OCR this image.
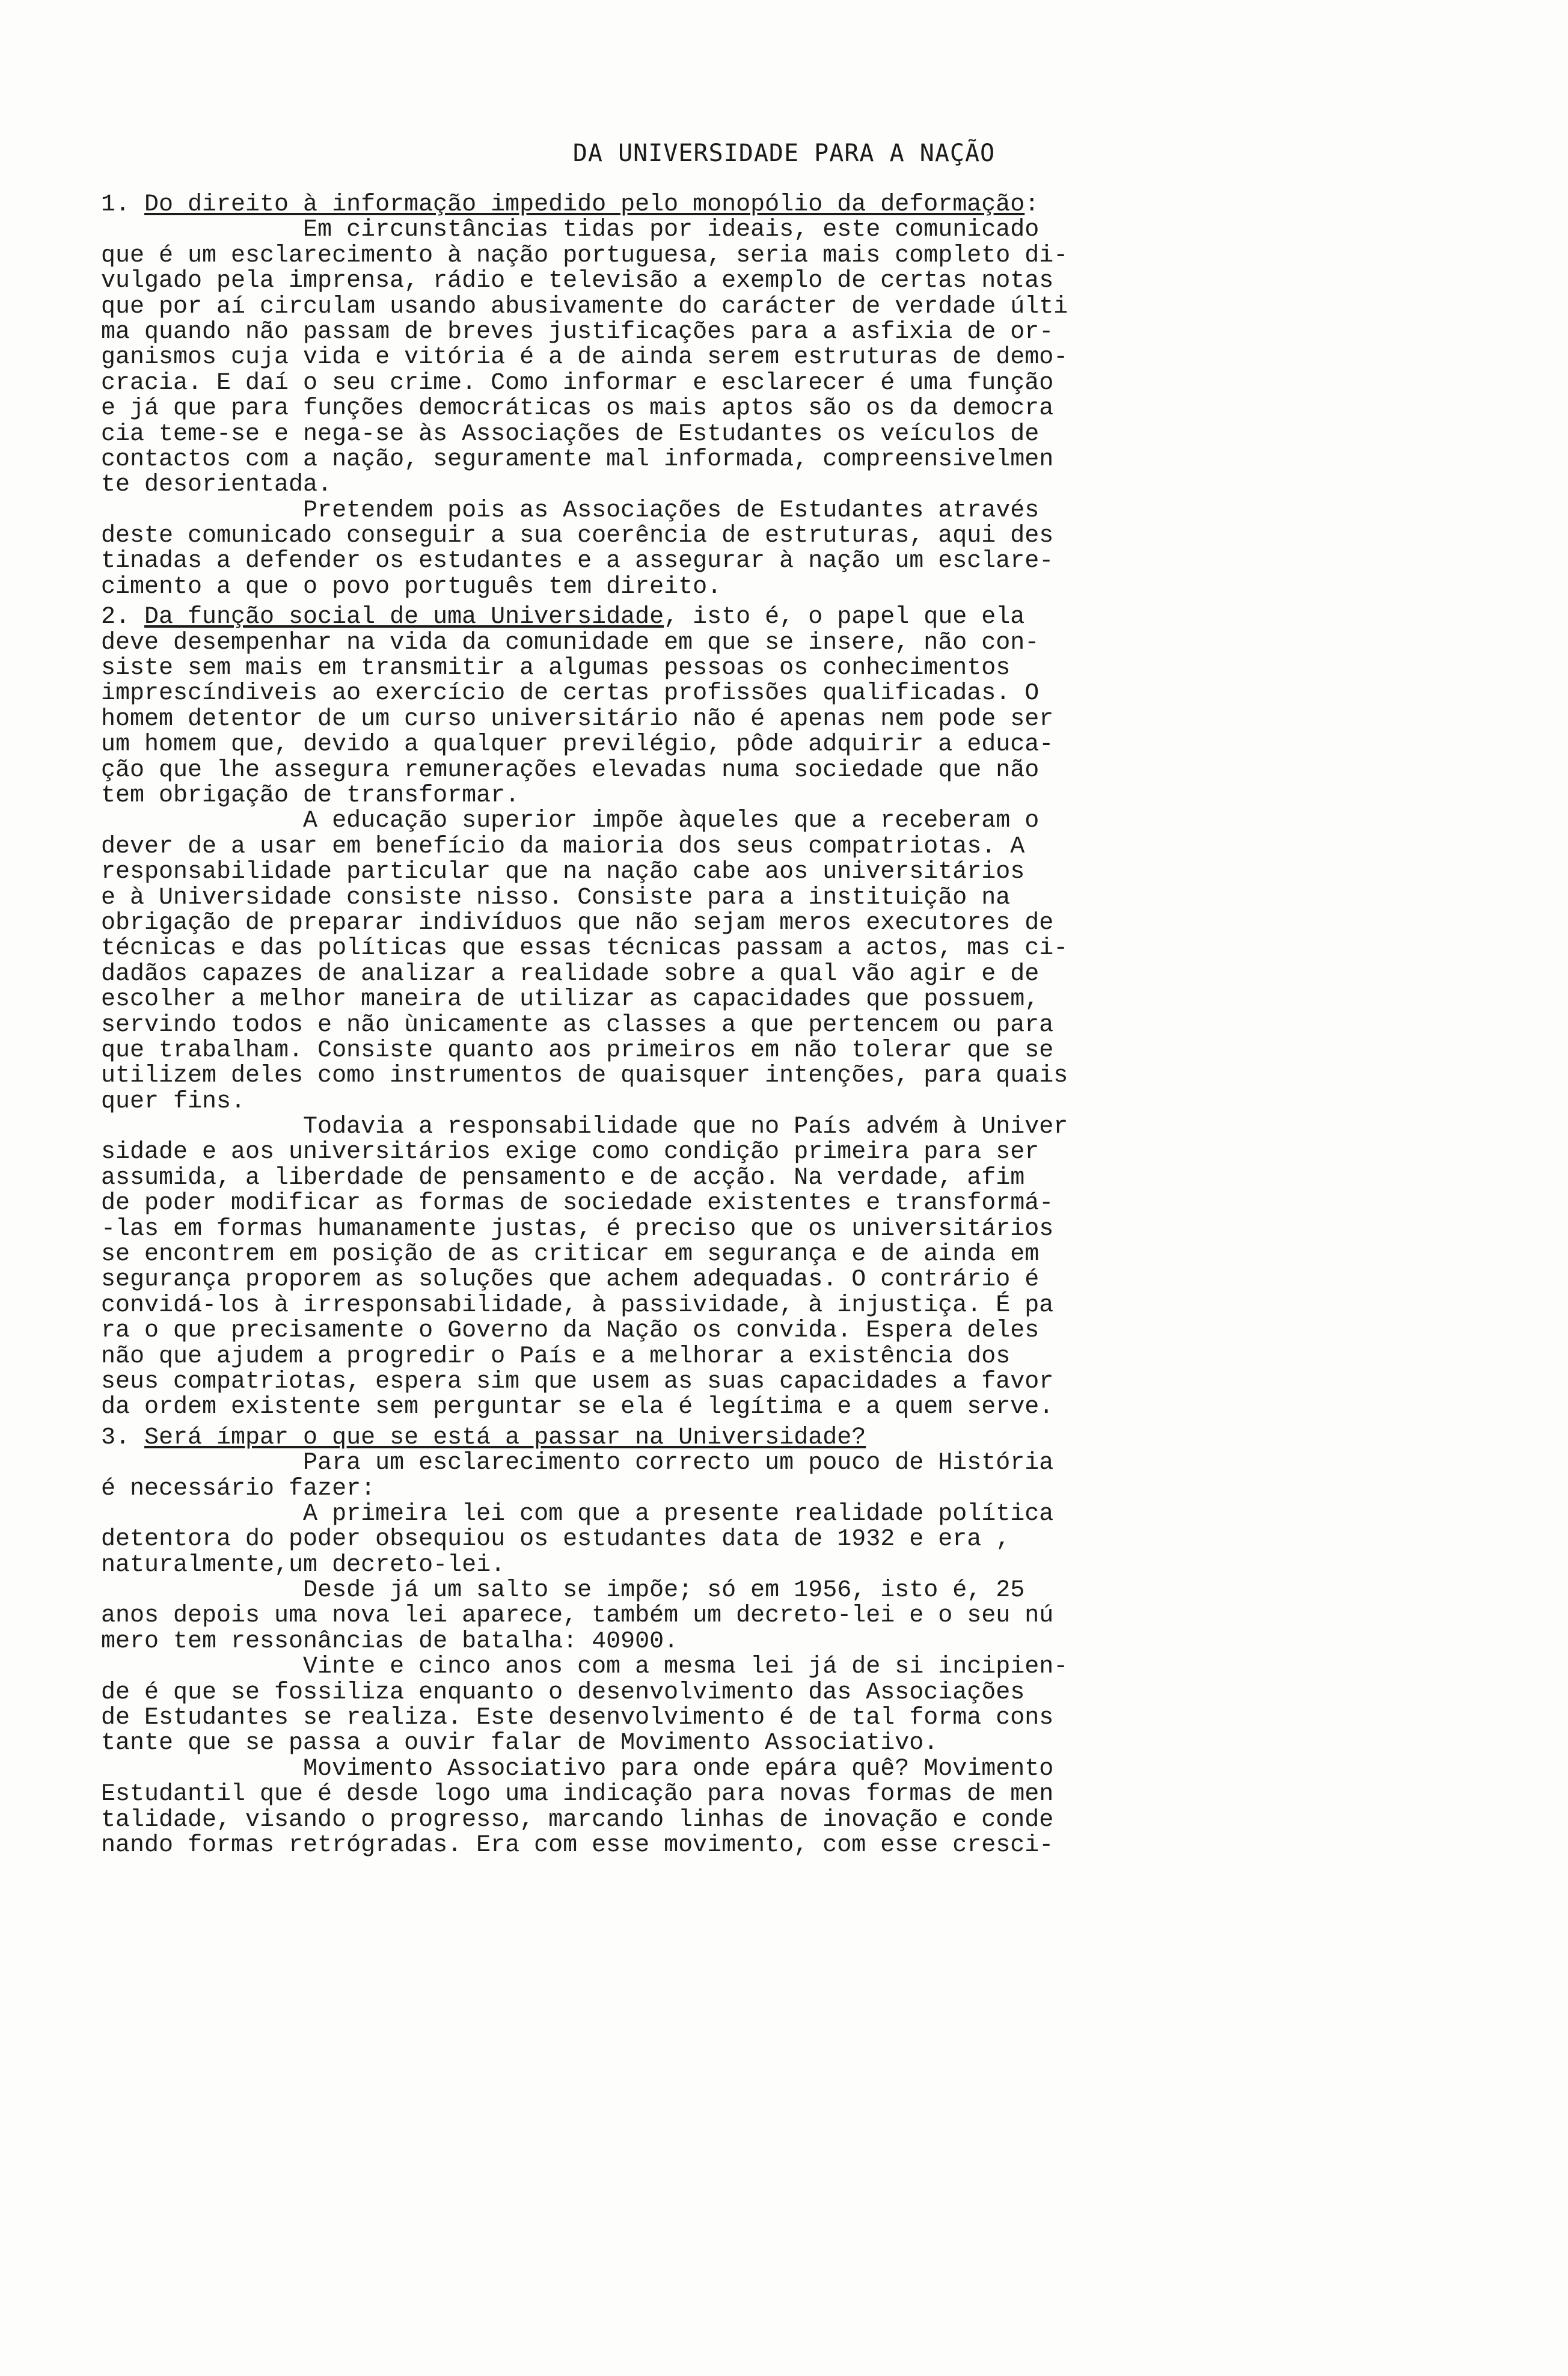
DA UNIVERSIDADE PARA A NAÇÃO
1. Do direito à informação impedido pelo monopólio da deformação:
Em circunstâncias tidas por ideais, este comunicado
que é um esclarecimento à nação portuguesa, seria mais completo di-
vulgado pela imprensa, rádio e televisão a exemplo de certas notas
que por aí circulam usando abusivamente do carácter de verdade últi
ma quando não passam de breves justificações para a asfixia de or-
ganismos cuja vida e vitória é a de ainda serem estruturas de demo-
cracia. E daí o seu crime. Como informar e esclarecer é uma função
e já que para funções democráticas os mais aptos são os da democra
cia teme-se e nega-se às Associações de Estudantes os veículos de
contactos com a nação, seguramente mal informada, compreensivelmen
te desorientada.
Pretendem pois as Associações de Estudantes através
deste comunicado conseguir a sua coerência de estruturas, aqui des
tinadas a defender os estudantes e a assegurar à nação um esclare-
cimento a que o povo português tem direito.
2. Da função social de uma Universidade, isto é, o papel que ela
deve desempenhar na vida da comunidade em que se insere, não con-
siste sem mais em transmitir a algumas pessoas os conhecimentos
imprescíndiveis ao exercício de certas profissões qualificadas. O
homem detentor de um curso universitário não é apenas nem pode ser
um homem que, devido a qualquer previlégio, pôde adquirir a educa-
ção que lhe assegura remunerações elevadas numa sociedade que não
tem obrigação de transformar.
A educação superior impõe àqueles que a receberam o
dever de a usar em benefício da maioria dos seus compatriotas. A
responsabilidade particular que na nação cabe aos universitários
e à Universidade consiste nisso. Consiste para a instituição na
obrigação de preparar indivíduos que não sejam meros executores de
técnicas e das políticas que essas técnicas passam a actos, mas ci-
dadãos capazes de analizar a realidade sobre a qual vão agir e de
escolher a melhor maneira de utilizar as capacidades que possuem,
servindo todos e não ùnicamente as classes a que pertencem ou para
que trabalham. Consiste quanto aos primeiros em não tolerar que se
utilizem deles como instrumentos de quaisquer intenções, para quais
quer fins.
Todavia a responsabilidade que no País advém à Univer
sidade e aos universitários exige como condição primeira para ser
assumida, a liberdade de pensamento e de acção. Na verdade, afim
de poder modificar as formas de sociedade existentes e transformá-
-las em formas humanamente justas, é preciso que os universitários
se encontrem em posição de as criticar em segurança e de ainda em
segurança proporem as soluções que achem adequadas. O contrário é
convidá-los à irresponsabilidade, à passividade, à injustiça. É pa
ra o que precisamente o Governo da Nação os convida. Espera deles
não que ajudem a progredir o País e a melhorar a existência dos
seus compatriotas, espera sim que usem as suas capacidades a favor
da ordem existente sem perguntar se ela é legítima e a quem serve.
3. Será ímpar o que se está a passar na Universidade?
Para um esclarecimento correcto um pouco de História
é necessário fazer:
A primeira lei com que a presente realidade política
detentora do poder obsequiou os estudantes data de 1932 e era ,
naturalmente,um decreto-lei.
Desde já um salto se impõe; só em 1956, isto é, 25
anos depois uma nova lei aparece, também um decreto-lei e o seu nú
mero tem ressonâncias de batalha: 40900.
Vinte e cinco anos com a mesma lei já de si incipien-
de é que se fossiliza enquanto o desenvolvimento das Associações
de Estudantes se realiza. Este desenvolvimento é de tal forma cons
tante que se passa a ouvir falar de Movimento Associativo.
Movimento Associativo para onde epára quê? Movimento
Estudantil que é desde logo uma indicação para novas formas de men
talidade, visando o progresso, marcando linhas de inovação e conde
nando formas retrógradas. Era com esse movimento, com esse cresci-
